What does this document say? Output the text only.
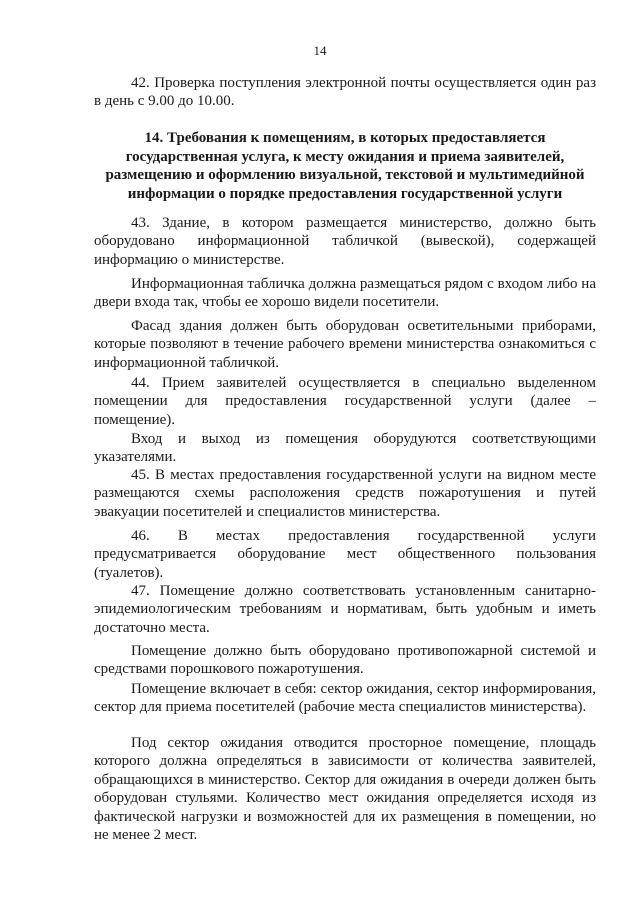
14

42. Проверка поступления электронной почты осуществляется один раз в день с 9.00 до 10.00.

14. Требования к помещениям, в которых предоставляется государственная услуга, к месту ожидания и приема заявителей, размещению и оформлению визуальной, текстовой и мультимедийной информации о порядке предоставления государственной услуги

43. Здание, в котором размещается министерство, должно быть оборудовано информационной табличкой (вывеской), содержащей информацию о министерстве.

Информационная табличка должна размещаться рядом с входом либо на двери входа так, чтобы ее хорошо видели посетители.

Фасад здания должен быть оборудован осветительными приборами, которые позволяют в течение рабочего времени министерства ознакомиться с информационной табличкой.

44. Прием заявителей осуществляется в специально выделенном помещении для предоставления государственной услуги (далее – помещение).

Вход и выход из помещения оборудуются соответствующими указателями.

45. В местах предоставления государственной услуги на видном месте размещаются схемы расположения средств пожаротушения и путей эвакуации посетителей и специалистов министерства.

46. В местах предоставления государственной услуги предусматривается оборудование мест общественного пользования (туалетов).

47. Помещение должно соответствовать установленным санитарно-эпидемиологическим требованиям и нормативам, быть удобным и иметь достаточно места.

Помещение должно быть оборудовано противопожарной системой и средствами порошкового пожаротушения.

Помещение включает в себя: сектор ожидания, сектор информирования, сектор для приема посетителей (рабочие места специалистов министерства).

Под сектор ожидания отводится просторное помещение, площадь которого должна определяться в зависимости от количества заявителей, обращающихся в министерство. Сектор для ожидания в очереди должен быть оборудован стульями. Количество мест ожидания определяется исходя из фактической нагрузки и возможностей для их размещения в помещении, но не менее 2 мест.
